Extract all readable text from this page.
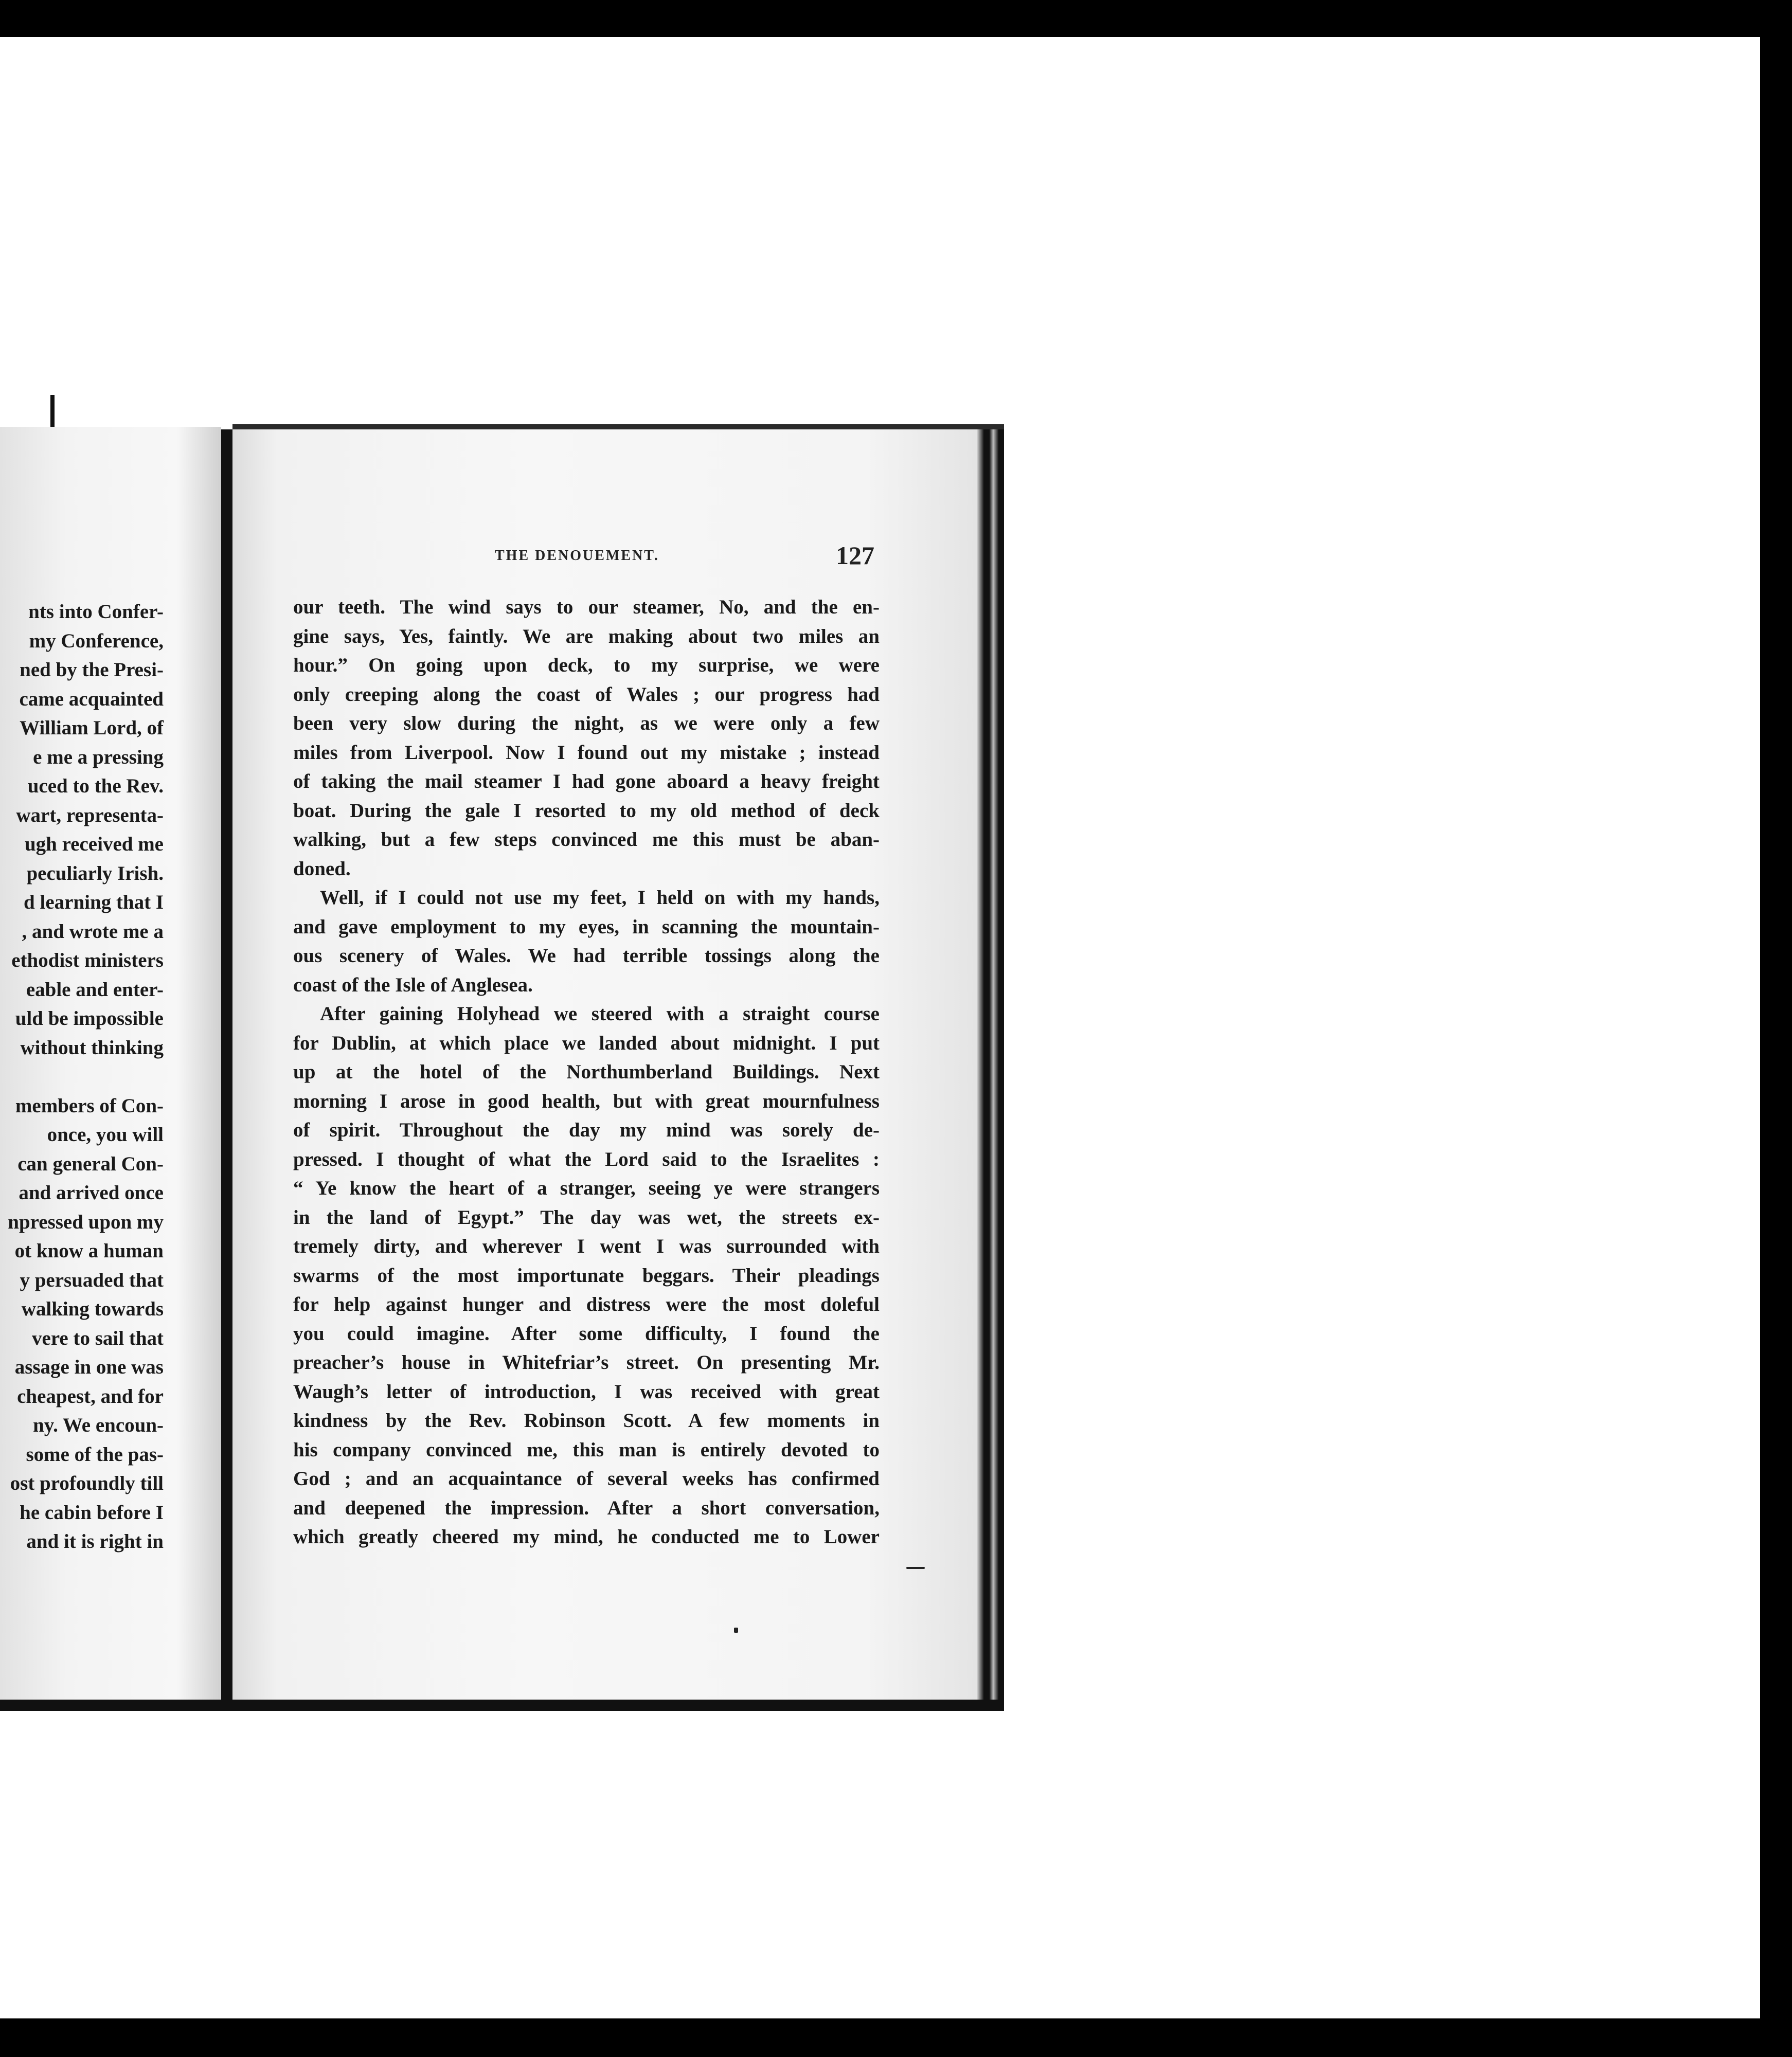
nts into Confer-
my Conference,
ned by the Presi-
came acquainted
William Lord, of
e me a pressing
uced to the Rev.
wart, representa-
ugh received me
peculiarly Irish.
d learning that I
, and wrote me a
ethodist ministers
eable and enter-
uld be impossible
without thinking
members of Con-
once, you will
can general Con-
and arrived once
npressed upon my
ot know a human
y persuaded that
walking towards
vere to sail that
assage in one was
cheapest, and for
ny. We encoun-
some of the pas-
ost profoundly till
he cabin before I
and it is right in
THE DENOUEMENT.	127
our teeth. The wind says to our steamer, No, and the en-
gine says, Yes, faintly. We are making about two miles an
hour.” On going upon deck, to my surprise, we were
only creeping along the coast of Wales ; our progress had
been very slow during the night, as we were only a few
miles from Liverpool. Now I found out my mistake ; instead
of taking the mail steamer I had gone aboard a heavy freight
boat. During the gale I resorted to my old method of deck
walking, but a few steps convinced me this must be aban-
doned.
Well, if I could not use my feet, I held on with my hands,
and gave employment to my eyes, in scanning the mountain-
ous scenery of Wales. We had terrible tossings along the
coast of the Isle of Anglesea.
After gaining Holyhead we steered with a straight course
for Dublin, at which place we landed about midnight. I put
up at the hotel of the Northumberland Buildings. Next
morning I arose in good health, but with great mournfulness
of spirit. Throughout the day my mind was sorely de-
pressed. I thought of what the Lord said to the Israelites :
“ Ye know the heart of a stranger, seeing ye were strangers
in the land of Egypt.” The day was wet, the streets ex-
tremely dirty, and wherever I went I was surrounded with
swarms of the most importunate beggars. Their pleadings
for help against hunger and distress were the most doleful
you could imagine. After some difficulty, I found the
preacher’s house in Whitefriar’s street. On presenting Mr.
Waugh’s letter of introduction, I was received with great
kindness by the Rev. Robinson Scott. A few moments in
his company convinced me, this man is entirely devoted to
God ; and an acquaintance of several weeks has confirmed
and deepened the impression. After a short conversation,
which greatly cheered my mind, he conducted me to Lower
